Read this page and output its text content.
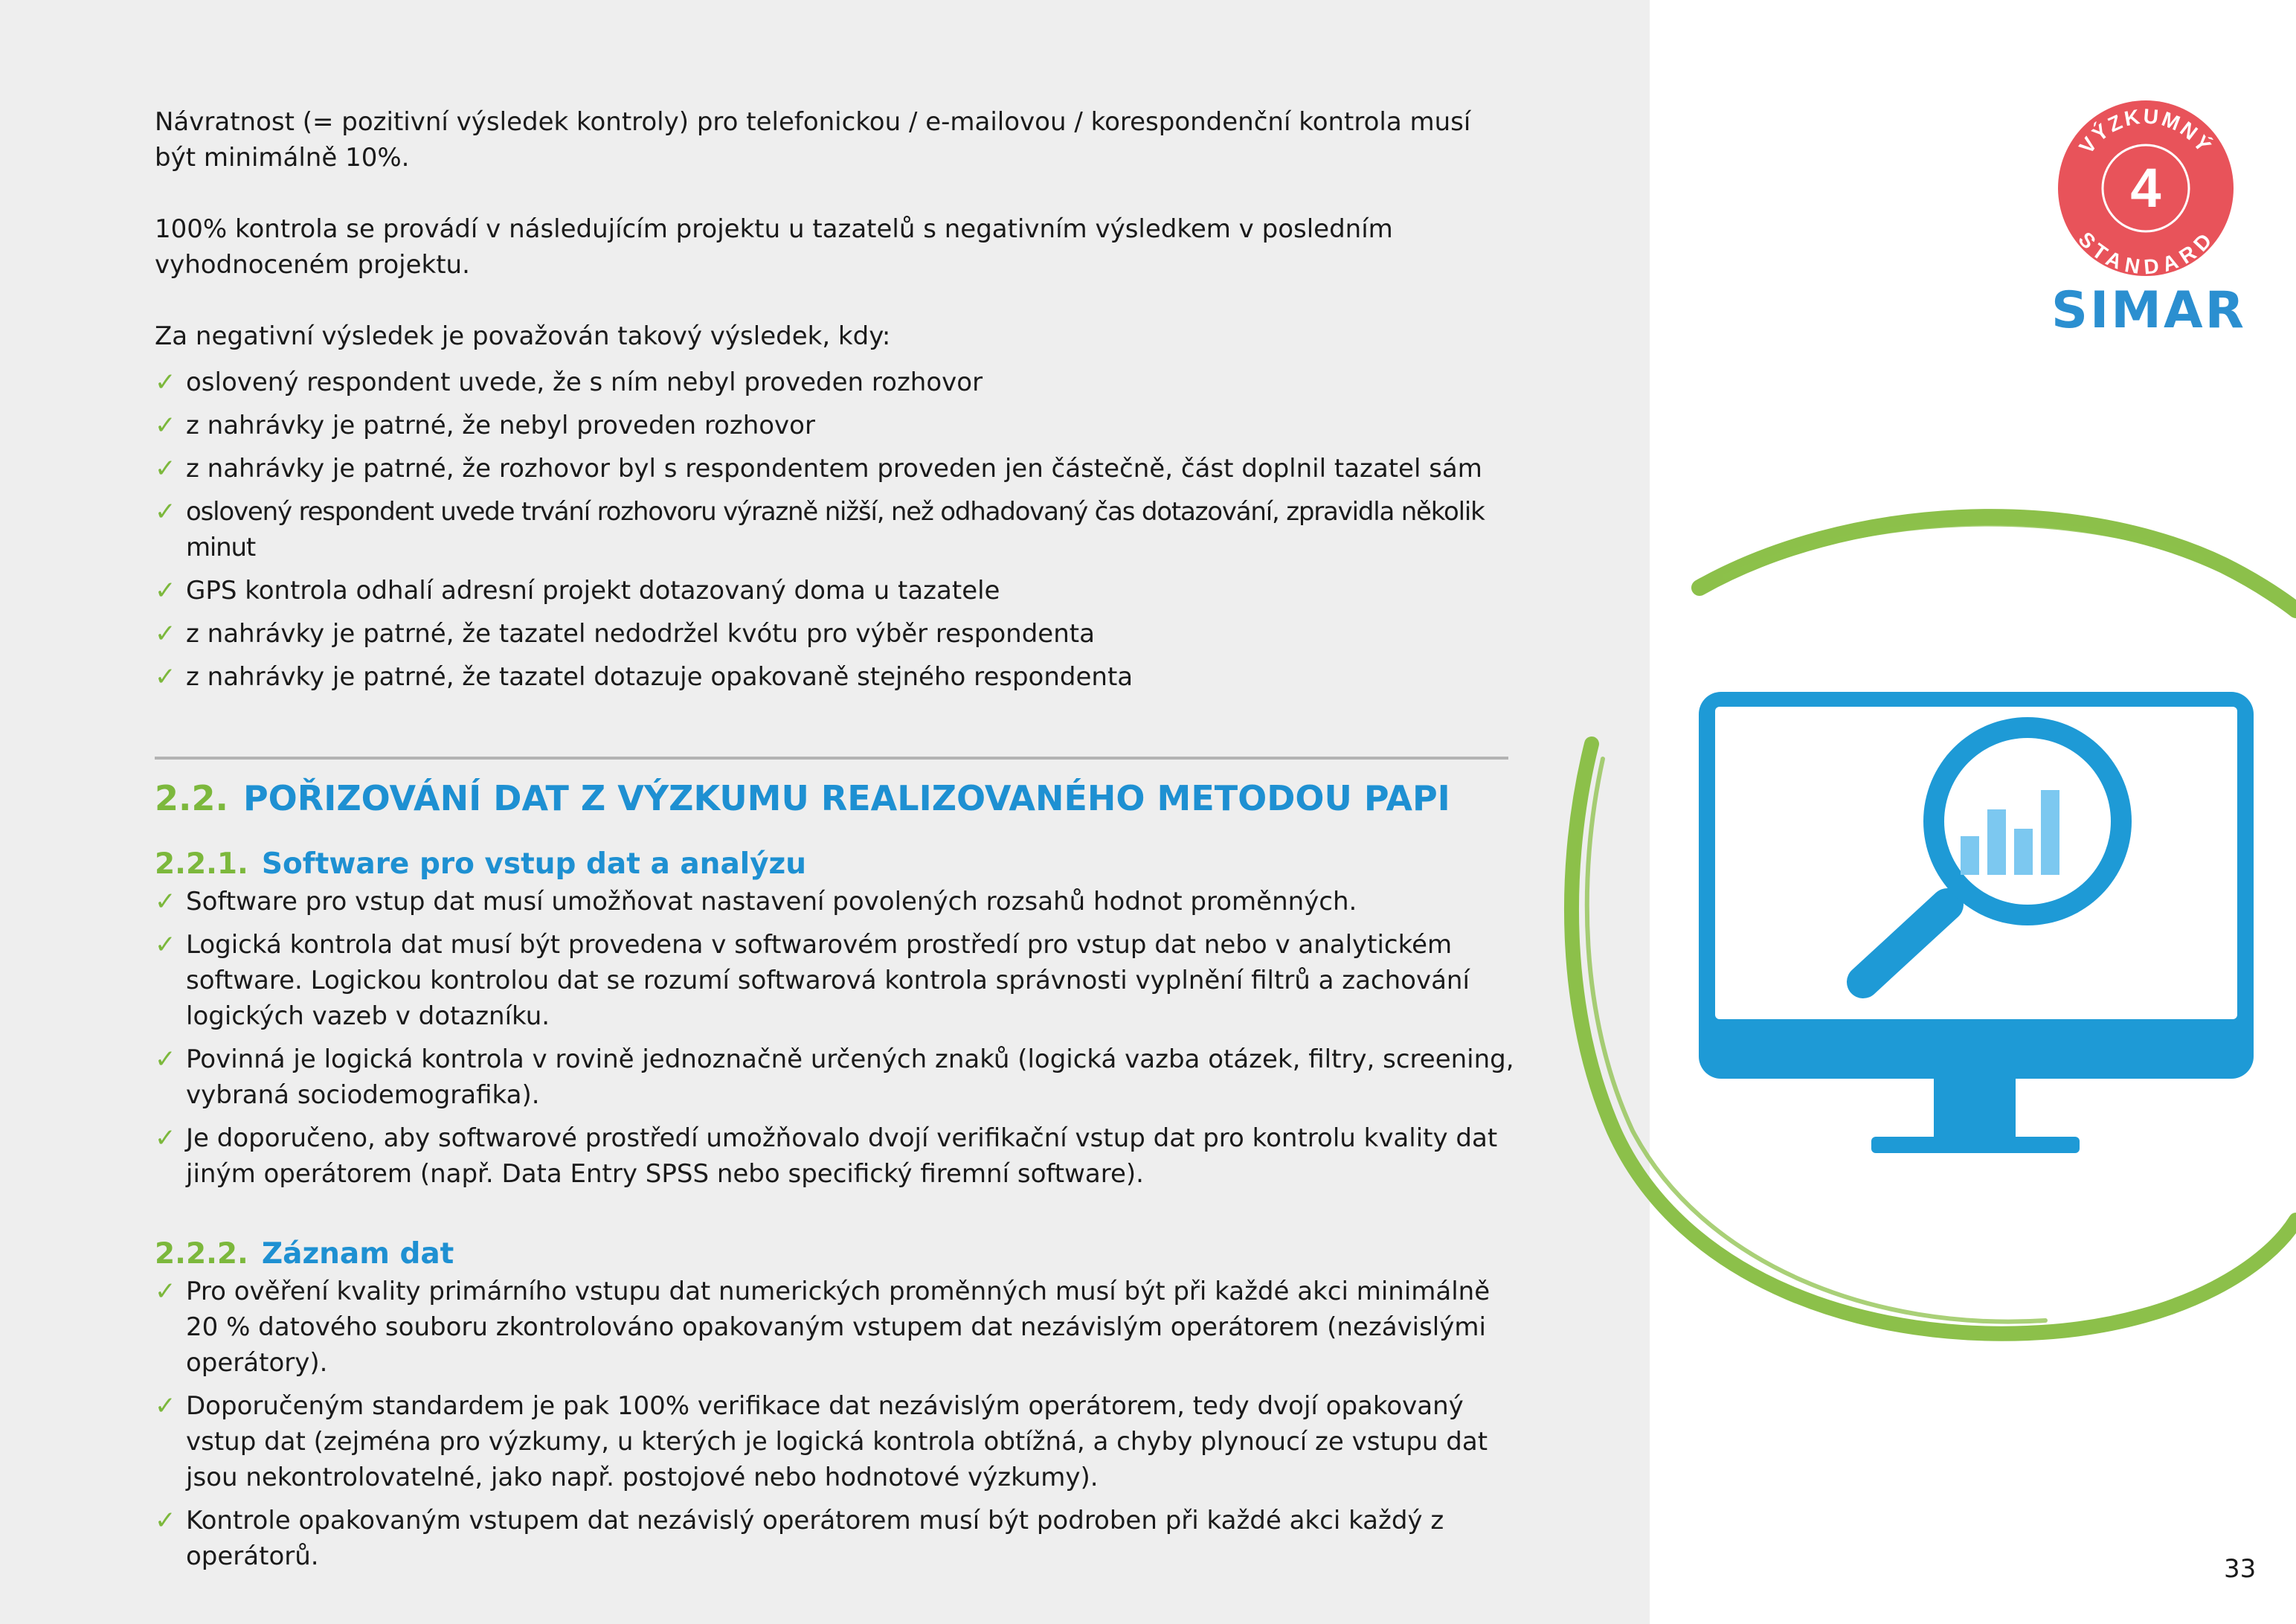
Návratnost (= pozitivní výsledek kontroly) pro telefonickou / e-mailovou / korespondenční kontrola musí být minimálně 10%.

100% kontrola se provádí v následujícím projektu u tazatelů s negativním výsledkem v posledním vyhodnoceném projektu.

Za negativní výsledek je považován takový výsledek, kdy:

✓ oslovený respondent uvede, že s ním nebyl proveden rozhovor
✓ z nahrávky je patrné, že nebyl proveden rozhovor
✓ z nahrávky je patrné, že rozhovor byl s respondentem proveden jen částečně, část doplnil tazatel sám
✓ oslovený respondent uvede trvání rozhovoru výrazně nižší, než odhadovaný čas dotazování, zpravidla několik minut
✓ GPS kontrola odhalí adresní projekt dotazovaný doma u tazatele
✓ z nahrávky je patrné, že tazatel nedodržel kvótu pro výběr respondenta
✓ z nahrávky je patrné, že tazatel dotazuje opakovaně stejného respondenta
2.2. POŘIZOVÁNÍ DAT Z VÝZKUMU REALIZOVANÉHO METODOU PAPI
2.2.1. Software pro vstup dat a analýzu
✓ Software pro vstup dat musí umožňovat nastavení povolených rozsahů hodnot proměnných.
✓ Logická kontrola dat musí být provedena v softwarovém prostředí pro vstup dat nebo v analytickém software. Logickou kontrolou dat se rozumí softwarová kontrola správnosti vyplnění filtrů a zachování logických vazeb v dotazníku.
✓ Povinná je logická kontrola v rovině jednoznačně určených znaků (logická vazba otázek, filtry, screening, vybraná sociodemografika).
✓ Je doporučeno, aby softwarové prostředí umožňovalo dvojí verifikační vstup dat pro kontrolu kvality dat jiným operátorem (např. Data Entry SPSS nebo specifický firemní software).
2.2.2. Záznam dat
✓ Pro ověření kvality primárního vstupu dat numerických proměnných musí být při každé akci minimálně 20 % datového souboru zkontrolováno opakovaným vstupem dat nezávislým operátorem (nezávislými operátory).
✓ Doporučeným standardem je pak 100% verifikace dat nezávislým operátorem, tedy dvojí opakovaný vstup dat (zejména pro výzkumy, u kterých je logická kontrola obtížná, a chyby plynoucí ze vstupu dat jsou nekontrolovatelné, jako např. postojové nebo hodnotové výzkumy).
✓ Kontrole opakovaným vstupem dat nezávislý operátorem musí být podroben při každé akci každý z operátorů.
4
VÝZKUMNÝ
STANDARD
SIMAR
33
